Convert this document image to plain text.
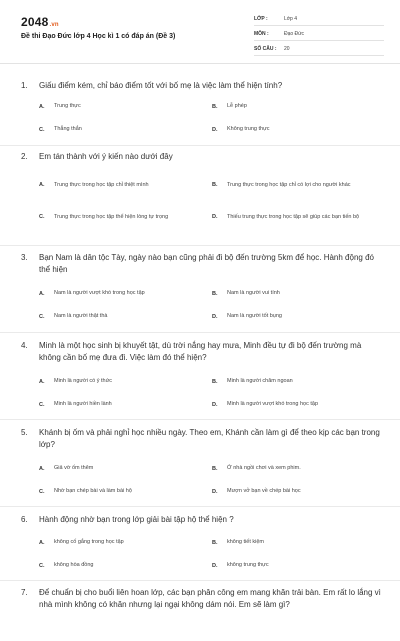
2048.vn
Đề thi Đạo Đức lớp 4 Học kì 1 có đáp án (Đề 3)
LỚP :	Lớp 4
MÔN :	Đạo Đức
SỐ CÂU :	20
1.	Giấu điểm kém, chỉ báo điểm tốt với bố mẹ là việc làm thể hiện tính?
A.	Trung thực	B.	Lễ phép
C.	Thẳng thắn	D.	Không trung thực
2.	Em tán thành với ý kiến nào dưới đây
A.	Trung thực trong học tập chỉ thiệt mình	B.	Trung thực trong học tập chỉ có lợi cho người khác
C.	Trung thực trong học tập thể hiện lòng tự trọng	D.	Thiếu trung thực trong học tập sẽ giúp các bạn tiến bộ
3.	Bạn Nam là dân tộc Tày, ngày nào bạn cũng phải đi bộ đến trường 5km để học. Hành động đó thể hiện
A.	Nam là người vượt khó trong học tập	B.	Nam là người vui tính
C.	Nam là người thật thà	D.	Nam là người tốt bụng
4.	Minh là một học sinh bị khuyết tật, dù trời nắng hay mưa, Minh đều tự đi bộ đến trường mà không cần bố mẹ đưa đi. Việc làm đó thể hiện?
A.	Minh là người có ý thức	B.	Minh là người chăm ngoan
C.	Minh là người hiền lành	D.	Minh là người vượt khó trong học tập
5.	Khánh bị ốm và phải nghỉ học nhiều ngày. Theo em, Khánh cần làm gì để theo kịp các bạn trong lớp?
A.	Giả vờ ốm thêm	B.	Ở nhà ngồi chơi và xem phim.
C.	Nhờ bạn chép bài và làm bài hộ	D.	Mượn vở bạn về chép bài học
6.	Hành động nhờ bạn trong lớp giải bài tập hộ thể hiện ?
A.	không cố gắng trong học tập	B.	không tiết kiệm
C.	không hòa đồng	D.	không trung thực
7.	Để chuẩn bị cho buổi liên hoan lớp, các bạn phân công em mang khăn trải bàn. Em rất lo lắng vì nhà mình không có khăn nhưng lại ngại không dám nói. Em sẽ làm gì?
